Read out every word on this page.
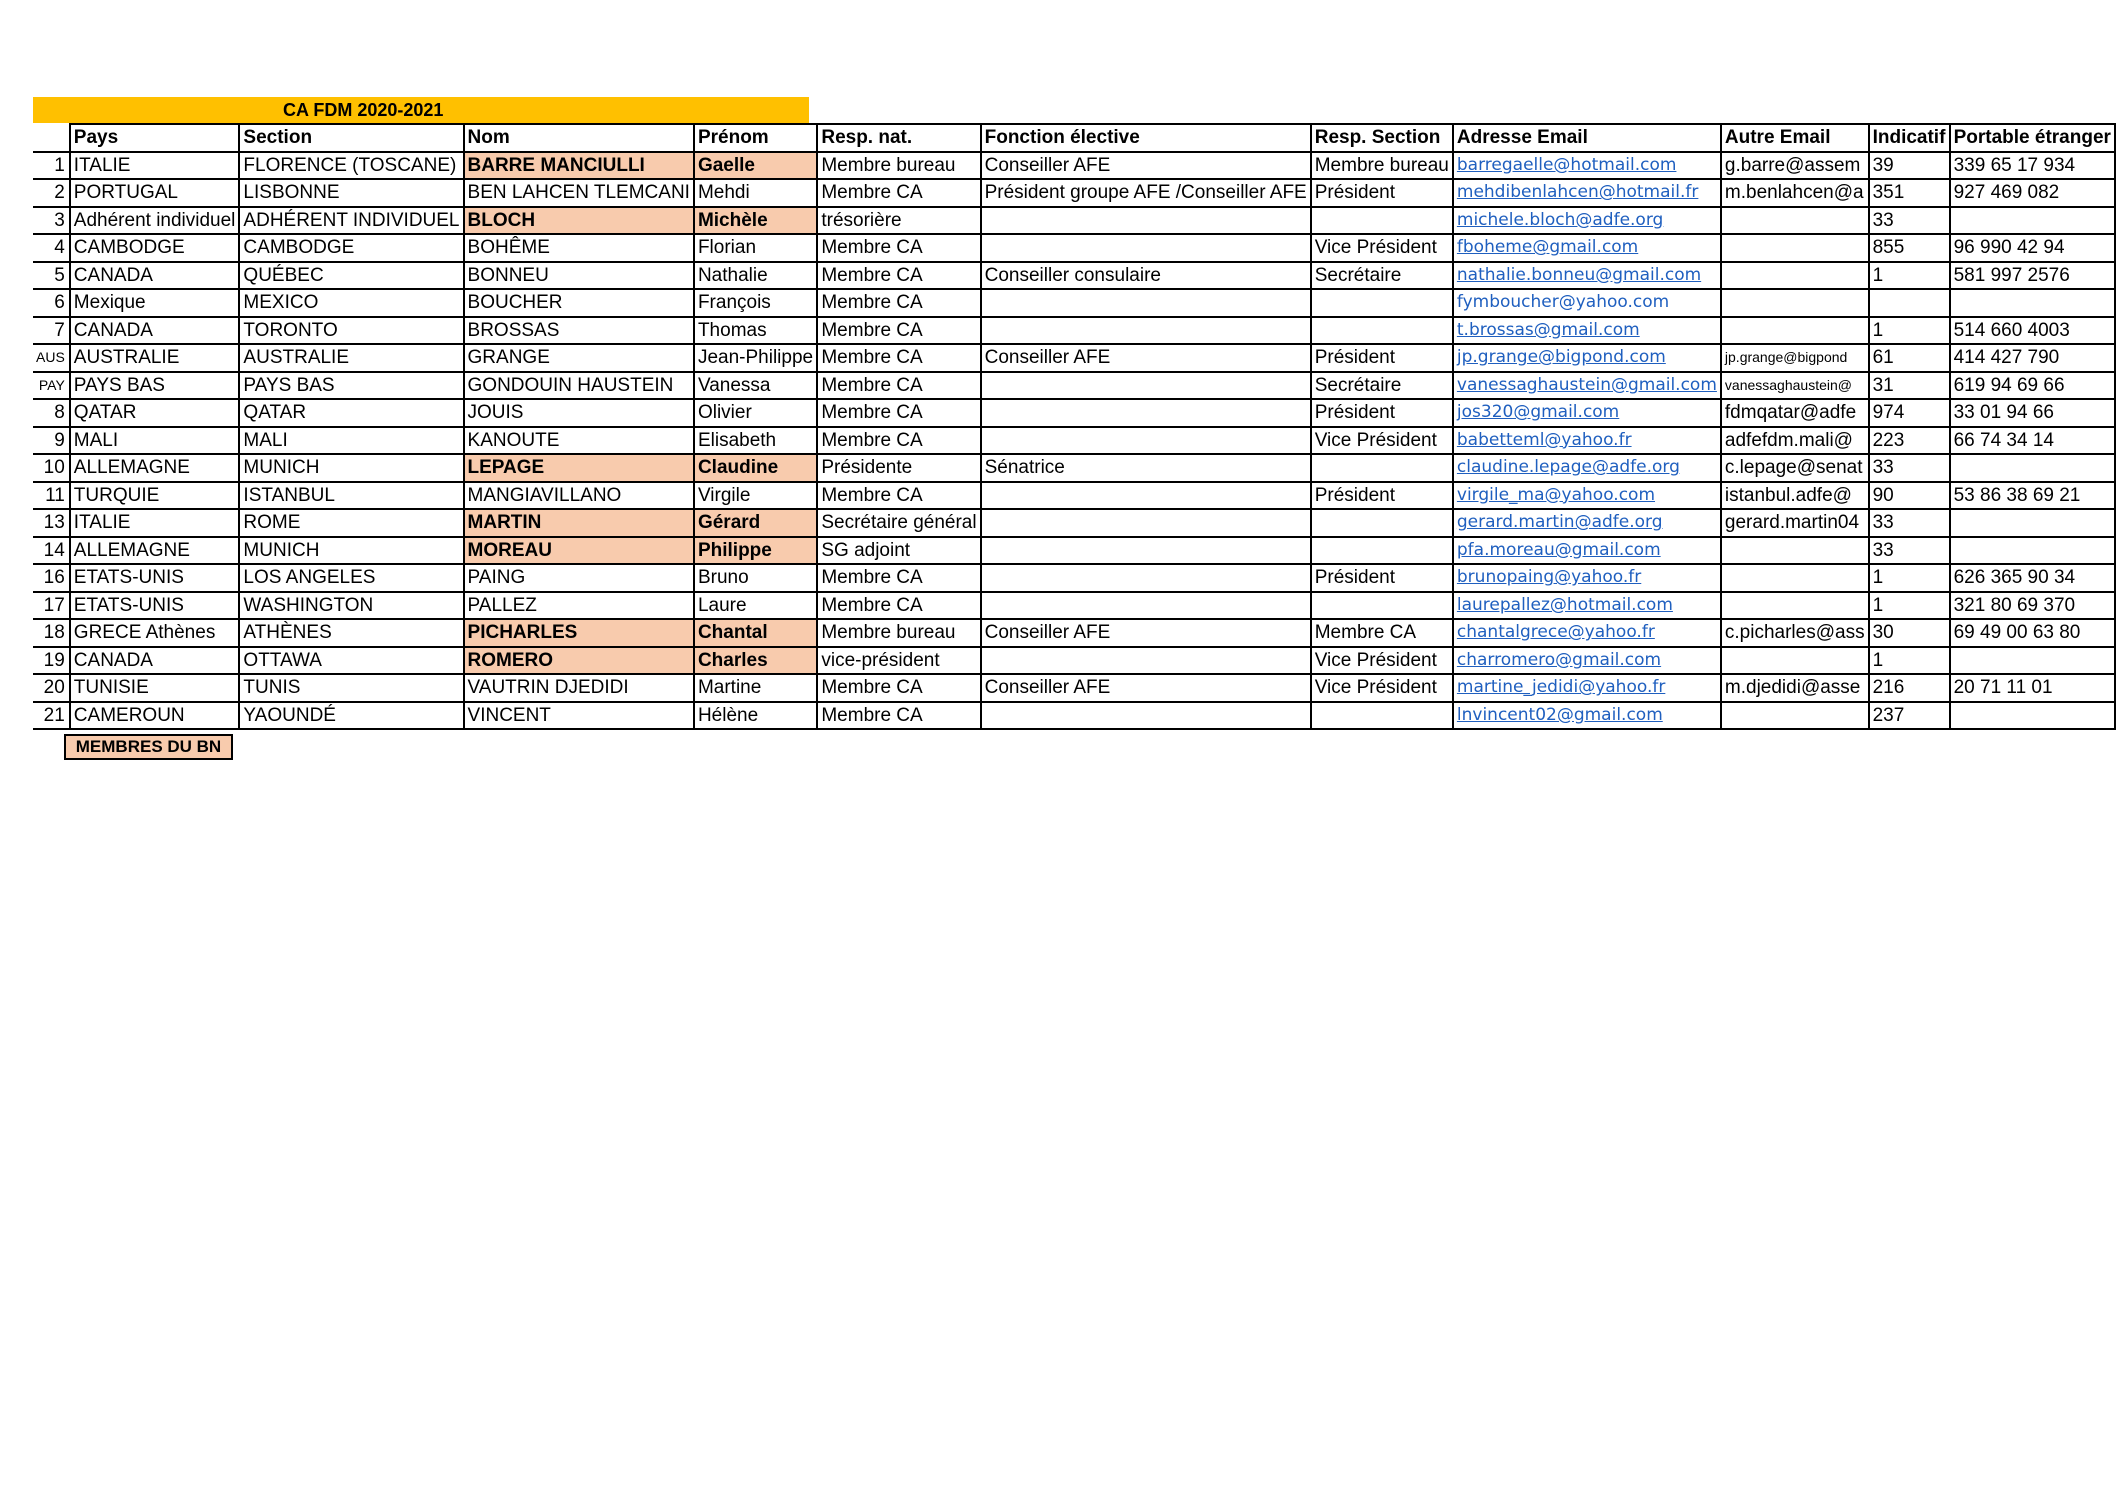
CA FDM 2020-2021
	Pays	Section	Nom	Prénom	Resp. nat.	Fonction élective	Resp. Section	Adresse Email	Autre Email	Indicatif	Portable étranger
1	ITALIE	FLORENCE (TOSCANE)	BARRE MANCIULLI	Gaelle	Membre bureau	Conseiller AFE	Membre bureau	barregaelle@hotmail.com	g.barre@assem	39	339 65 17 934
2	PORTUGAL	LISBONNE	BEN LAHCEN TLEMCANI	Mehdi	Membre CA	Président groupe AFE /Conseiller AFE	Président	mehdibenlahcen@hotmail.fr	m.benlahcen@a	351	927 469 082
3	Adhérent individuel	ADHÉRENT INDIVIDUEL	BLOCH	Michèle	trésorière			michele.bloch@adfe.org		33	
4	CAMBODGE	CAMBODGE	BOHÊME	Florian	Membre CA		Vice Président	fboheme@gmail.com		855	96 990 42 94
5	CANADA	QUÉBEC	BONNEU	Nathalie	Membre CA	Conseiller consulaire	Secrétaire	nathalie.bonneu@gmail.com		1	581 997 2576
6	Mexique	MEXICO	BOUCHER	François	Membre CA			fymboucher@yahoo.com			
7	CANADA	TORONTO	BROSSAS	Thomas	Membre CA			t.brossas@gmail.com		1	514 660 4003
AUS	AUSTRALIE	AUSTRALIE	GRANGE	Jean-Philippe	Membre CA	Conseiller AFE	Président	jp.grange@bigpond.com	jp.grange@bigpond	61	414 427 790
PAY	PAYS BAS	PAYS BAS	GONDOUIN HAUSTEIN	Vanessa	Membre CA		Secrétaire	vanessaghaustein@gmail.com	vanessaghaustein@	31	619 94 69 66
8	QATAR	QATAR	JOUIS	Olivier	Membre CA		Président	jos320@gmail.com	fdmqatar@adfe	974	33 01 94 66
9	MALI	MALI	KANOUTE	Elisabeth	Membre CA		Vice Président	babetteml@yahoo.fr	adfefdm.mali@	223	66 74 34 14
10	ALLEMAGNE	MUNICH	LEPAGE	Claudine	Présidente	Sénatrice		claudine.lepage@adfe.org	c.lepage@senat	33	
11	TURQUIE	ISTANBUL	MANGIAVILLANO	Virgile	Membre CA		Président	virgile_ma@yahoo.com	istanbul.adfe@	90	53 86 38 69 21
13	ITALIE	ROME	MARTIN	Gérard	Secrétaire général			gerard.martin@adfe.org	gerard.martin04	33	
14	ALLEMAGNE	MUNICH	MOREAU	Philippe	SG adjoint			pfa.moreau@gmail.com		33	
16	ETATS-UNIS	LOS ANGELES	PAING	Bruno	Membre CA		Président	brunopaing@yahoo.fr		1	626 365 90 34
17	ETATS-UNIS	WASHINGTON	PALLEZ	Laure	Membre CA			laurepallez@hotmail.com		1	321 80 69 370
18	GRECE Athènes	ATHÈNES	PICHARLES	Chantal	Membre bureau	Conseiller AFE	Membre CA	chantalgrece@yahoo.fr	c.picharles@ass	30	69 49 00 63 80
19	CANADA	OTTAWA	ROMERO	Charles	vice-président		Vice Président	charromero@gmail.com		1	
20	TUNISIE	TUNIS	VAUTRIN DJEDIDI	Martine	Membre CA	Conseiller AFE	Vice Président	martine_jedidi@yahoo.fr	m.djedidi@asse	216	20 71 11 01
21	CAMEROUN	YAOUNDÉ	VINCENT	Hélène	Membre CA			lnvincent02@gmail.com		237	
MEMBRES DU BN
